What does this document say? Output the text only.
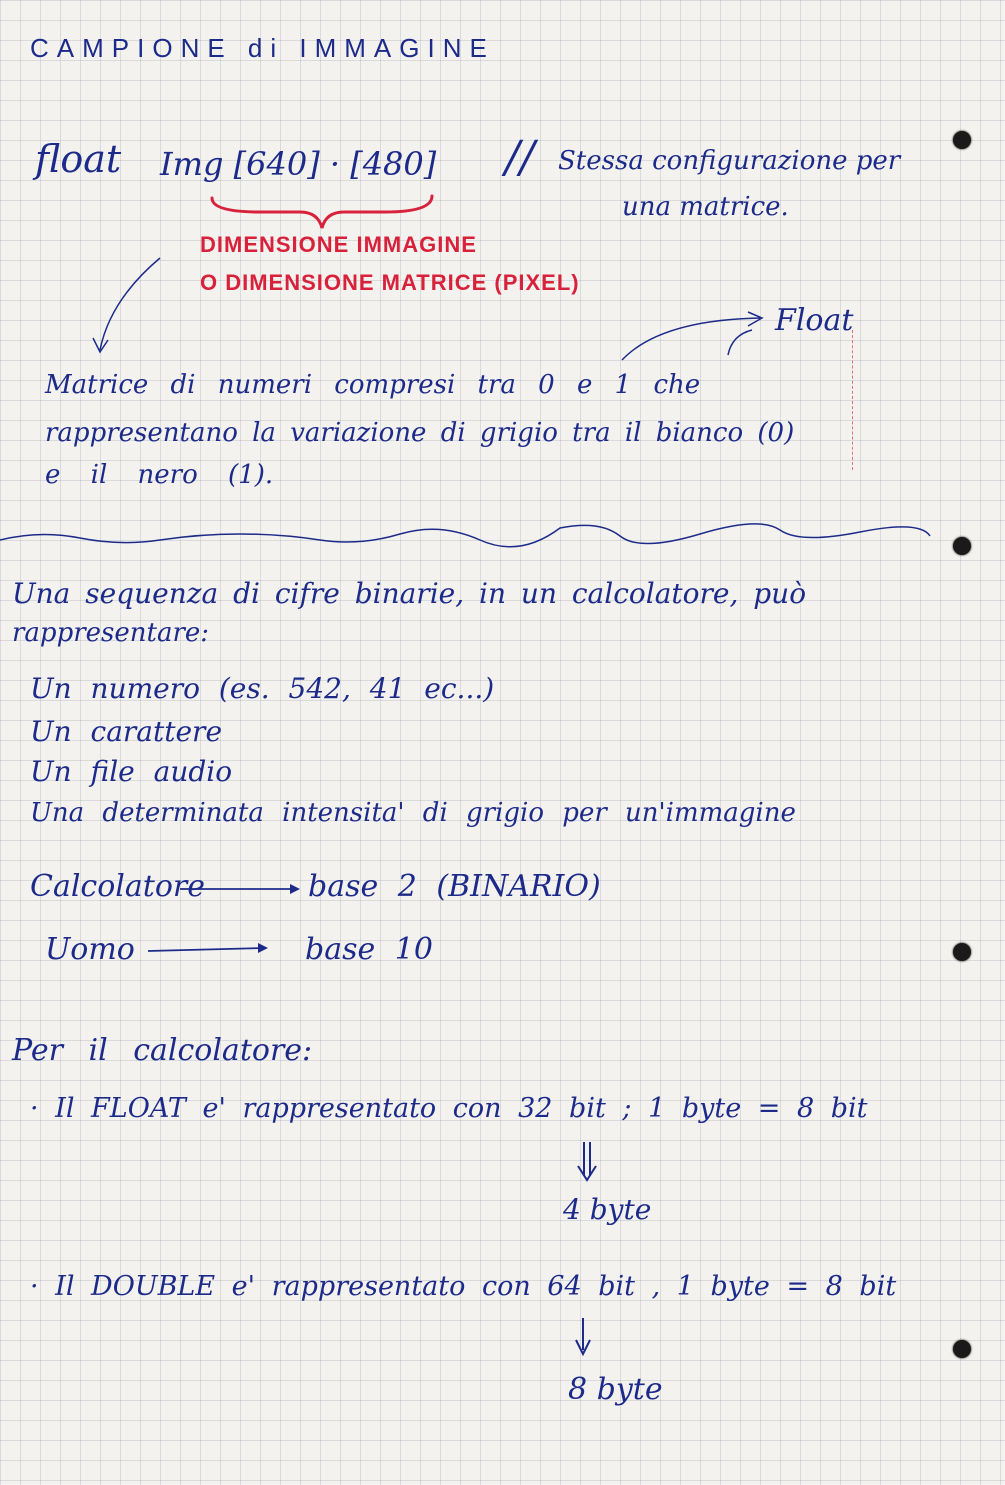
CAMPIONE di IMMAGINE
float Img [640] · [480] // Stessa configurazione per
una matrice.
DIMENSIONE IMMAGINE
O DIMENSIONE MATRICE (PIXEL)
Float
Matrice di numeri compresi tra 0 e 1 che
rappresentano la variazione di grigio tra il bianco (0)
e il nero (1).
Una sequenza di cifre binarie, in un calcolatore, può
rappresentare:
Un numero (es. 542, 41 ec...)
Un carattere
Un file audio
Una determinata intensita' di grigio per un'immagine
Calcolatore	base 2 (BINARIO)
Uomo	base 10
Per il calcolatore:
· Il FLOAT e' rappresentato con 32 bit ; 1 byte = 8 bit
4 byte
· Il DOUBLE e' rappresentato con 64 bit , 1 byte = 8 bit
8 byte
